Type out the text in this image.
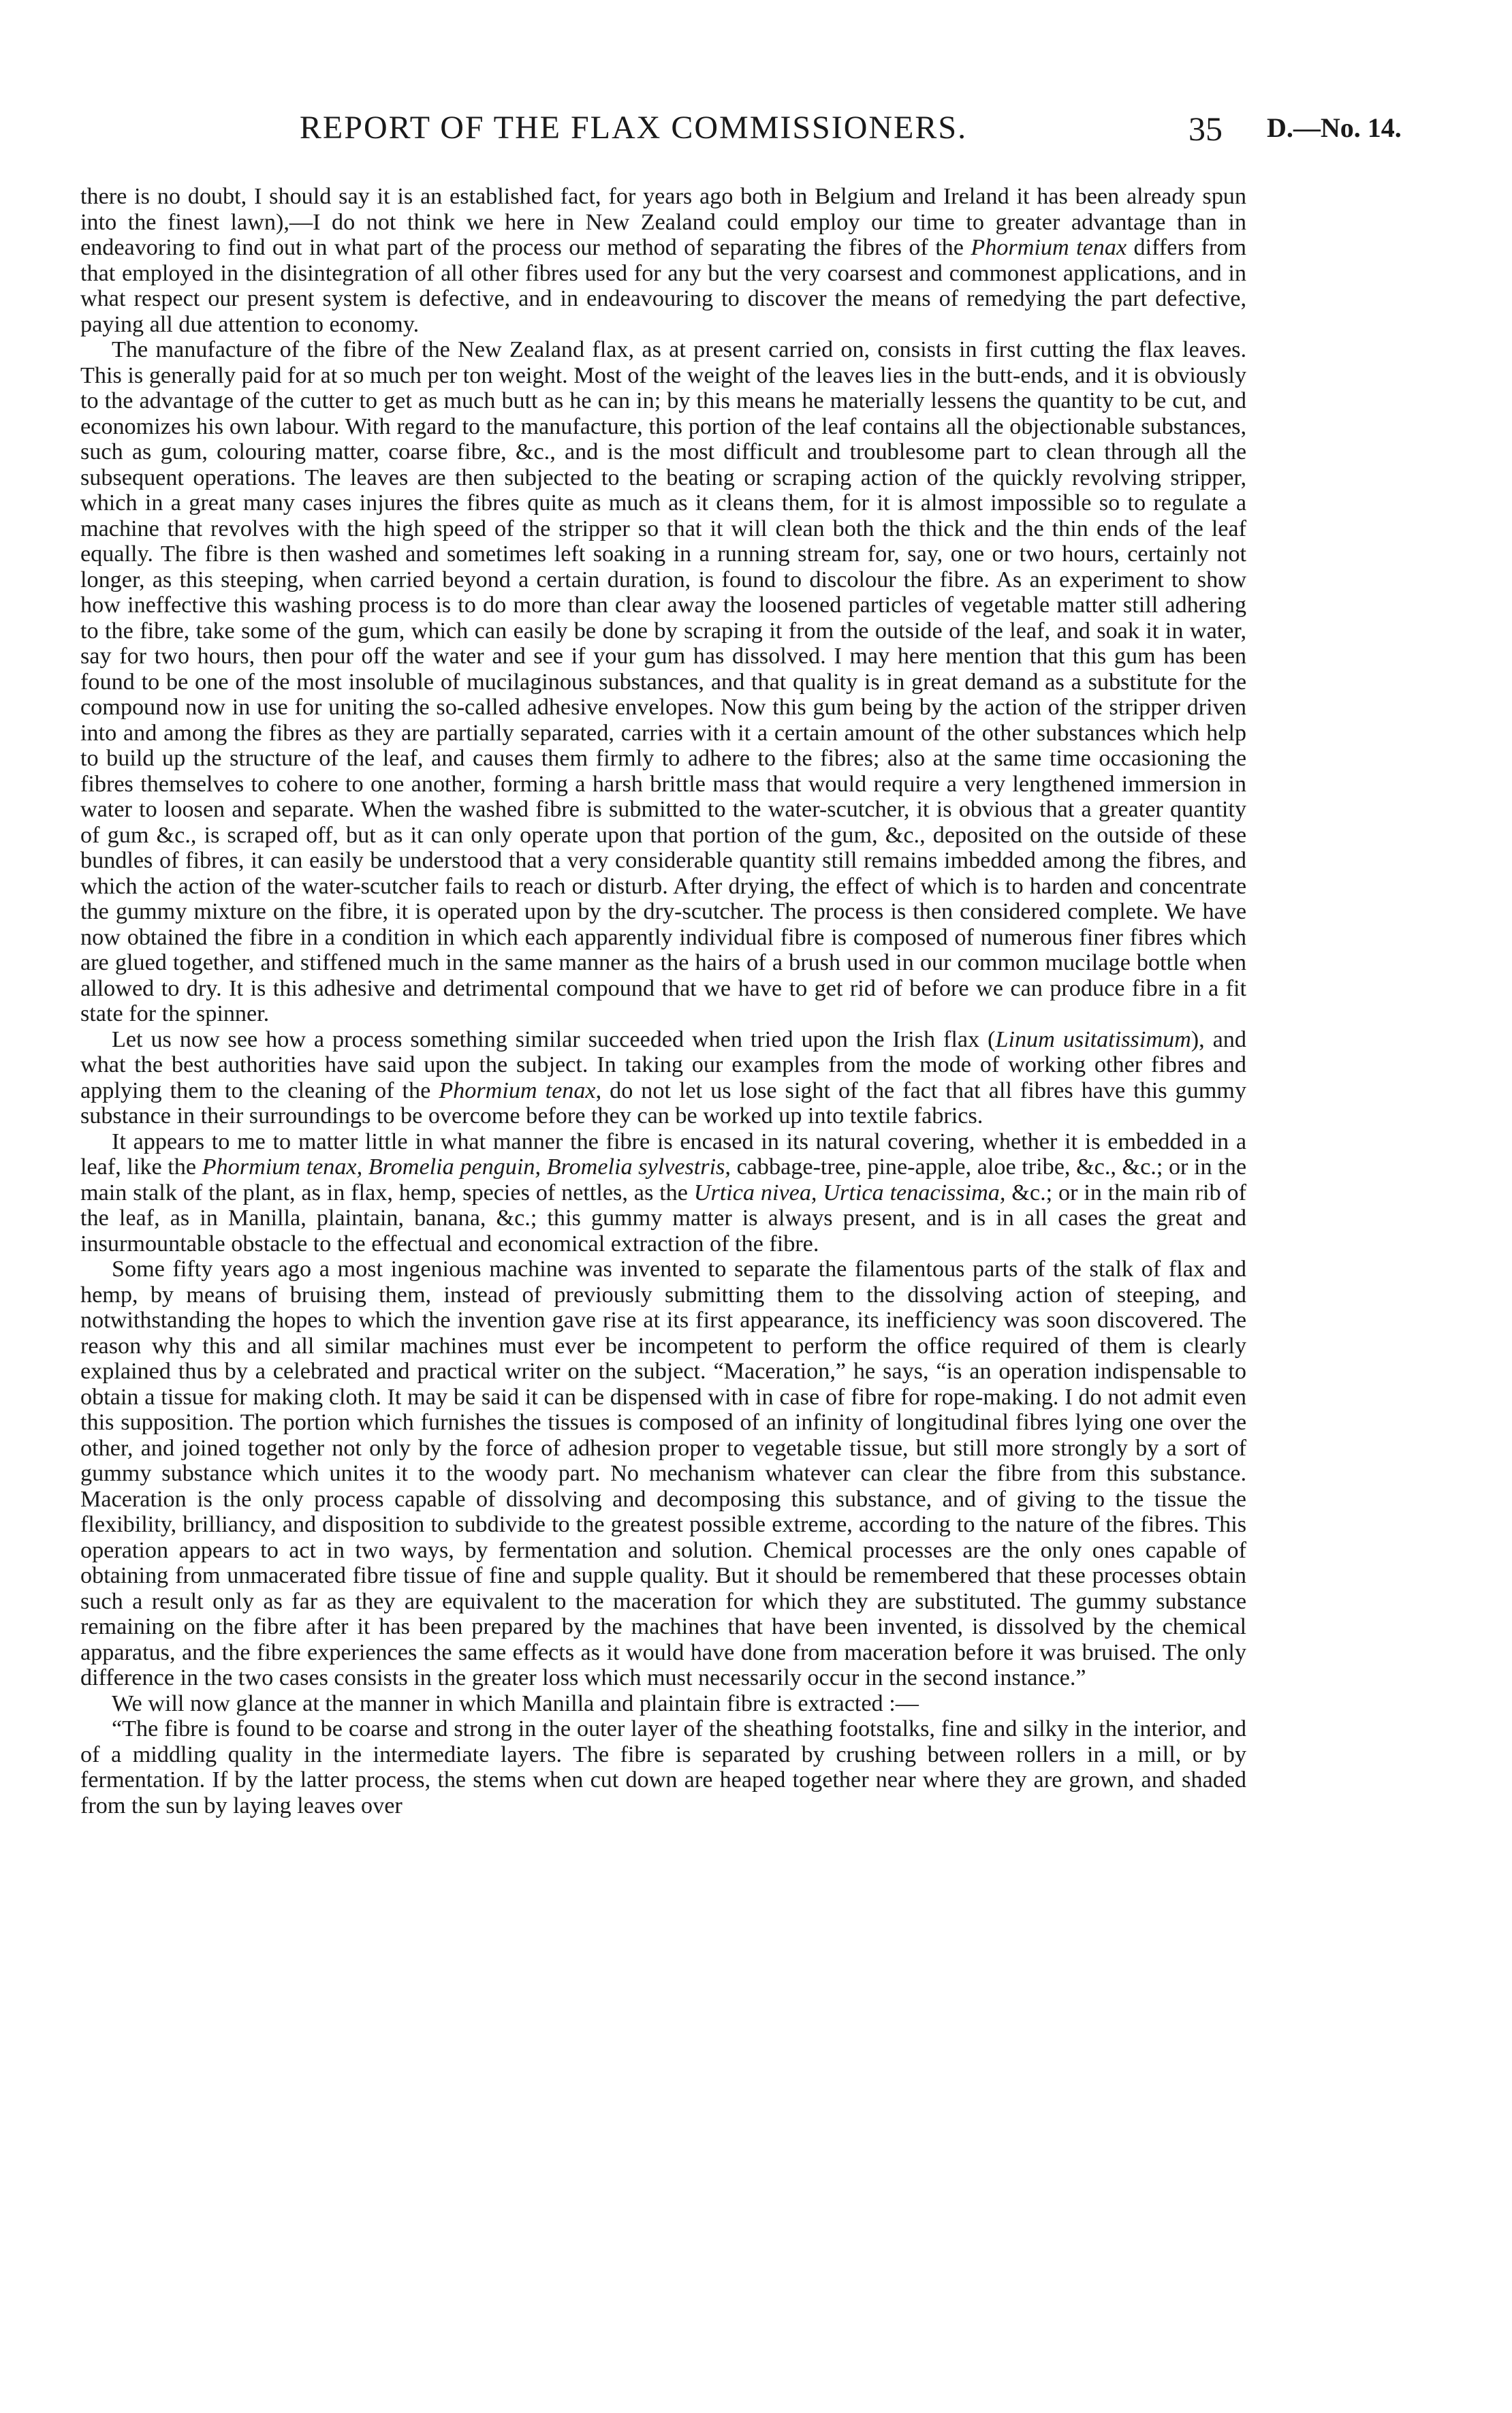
REPORT OF THE FLAX COMMISSIONERS.	35 D.—No. 14.

there is no doubt, I should say it is an established fact, for years ago both in Belgium and Ireland it has been already spun into the finest lawn),—I do not think we here in New Zealand could employ our time to greater advantage than in endeavoring to find out in what part of the process our method of separating the fibres of the Phormium tenax differs from that employed in the disintegration of all other fibres used for any but the very coarsest and commonest applications, and in what respect our present system is defective, and in endeavouring to discover the means of remedying the part defective, paying all due attention to economy.

The manufacture of the fibre of the New Zealand flax, as at present carried on, consists in first cutting the flax leaves. This is generally paid for at so much per ton weight. Most of the weight of the leaves lies in the butt-ends, and it is obviously to the advantage of the cutter to get as much butt as he can in; by this means he materially lessens the quantity to be cut, and economizes his own labour. With regard to the manufacture, this portion of the leaf contains all the objectionable substances, such as gum, colouring matter, coarse fibre, &c., and is the most difficult and troublesome part to clean through all the subsequent operations. The leaves are then subjected to the beating or scraping action of the quickly revolving stripper, which in a great many cases injures the fibres quite as much as it cleans them, for it is almost impossible so to regulate a machine that revolves with the high speed of the stripper so that it will clean both the thick and the thin ends of the leaf equally. The fibre is then washed and sometimes left soaking in a running stream for, say, one or two hours, certainly not longer, as this steeping, when carried beyond a certain duration, is found to discolour the fibre. As an experiment to show how ineffective this washing process is to do more than clear away the loosened particles of vegetable matter still adhering to the fibre, take some of the gum, which can easily be done by scraping it from the outside of the leaf, and soak it in water, say for two hours, then pour off the water and see if your gum has dissolved. I may here mention that this gum has been found to be one of the most insoluble of mucilaginous substances, and that quality is in great demand as a substitute for the compound now in use for uniting the so-called adhesive envelopes. Now this gum being by the action of the stripper driven into and among the fibres as they are partially separated, carries with it a certain amount of the other substances which help to build up the structure of the leaf, and causes them firmly to adhere to the fibres; also at the same time occasioning the fibres themselves to cohere to one another, forming a harsh brittle mass that would require a very lengthened immersion in water to loosen and separate. When the washed fibre is submitted to the water-scutcher, it is obvious that a greater quantity of gum &c., is scraped off, but as it can only operate upon that portion of the gum, &c., deposited on the outside of these bundles of fibres, it can easily be understood that a very considerable quantity still remains imbedded among the fibres, and which the action of the water-scutcher fails to reach or disturb. After drying, the effect of which is to harden and concentrate the gummy mixture on the fibre, it is operated upon by the dry-scutcher. The process is then considered complete. We have now obtained the fibre in a condition in which each apparently individual fibre is composed of numerous finer fibres which are glued together, and stiffened much in the same manner as the hairs of a brush used in our common mucilage bottle when allowed to dry. It is this adhesive and detrimental compound that we have to get rid of before we can produce fibre in a fit state for the spinner.

Let us now see how a process something similar succeeded when tried upon the Irish flax (Linum usitatissimum), and what the best authorities have said upon the subject. In taking our examples from the mode of working other fibres and applying them to the cleaning of the Phormium tenax, do not let us lose sight of the fact that all fibres have this gummy substance in their surroundings to be overcome before they can be worked up into textile fabrics.

It appears to me to matter little in what manner the fibre is encased in its natural covering, whether it is embedded in a leaf, like the Phormium tenax, Bromelia penguin, Bromelia sylvestris, cabbage-tree, pine-apple, aloe tribe, &c., &c.; or in the main stalk of the plant, as in flax, hemp, species of nettles, as the Urtica nivea, Urtica tenacissima, &c.; or in the main rib of the leaf, as in Manilla, plaintain, banana, &c.; this gummy matter is always present, and is in all cases the great and insurmountable obstacle to the effectual and economical extraction of the fibre.

Some fifty years ago a most ingenious machine was invented to separate the filamentous parts of the stalk of flax and hemp, by means of bruising them, instead of previously submitting them to the dissolving action of steeping, and notwithstanding the hopes to which the invention gave rise at its first appearance, its inefficiency was soon discovered. The reason why this and all similar machines must ever be incompetent to perform the office required of them is clearly explained thus by a celebrated and practical writer on the subject. “Maceration,” he says, “is an operation indispensable to obtain a tissue for making cloth. It may be said it can be dispensed with in case of fibre for rope-making. I do not admit even this supposition. The portion which furnishes the tissues is composed of an infinity of longitudinal fibres lying one over the other, and joined together not only by the force of adhesion proper to vegetable tissue, but still more strongly by a sort of gummy substance which unites it to the woody part. No mechanism whatever can clear the fibre from this substance. Maceration is the only process capable of dissolving and decomposing this substance, and of giving to the tissue the flexibility, brilliancy, and disposition to subdivide to the greatest possible extreme, according to the nature of the fibres. This operation appears to act in two ways, by fermentation and solution. Chemical processes are the only ones capable of obtaining from unmacerated fibre tissue of fine and supple quality. But it should be remembered that these processes obtain such a result only as far as they are equivalent to the maceration for which they are substituted. The gummy substance remaining on the fibre after it has been prepared by the machines that have been invented, is dissolved by the chemical apparatus, and the fibre experiences the same effects as it would have done from maceration before it was bruised. The only difference in the two cases consists in the greater loss which must necessarily occur in the second instance.”

We will now glance at the manner in which Manilla and plaintain fibre is extracted :—

“The fibre is found to be coarse and strong in the outer layer of the sheathing footstalks, fine and silky in the interior, and of a middling quality in the intermediate layers. The fibre is separated by crushing between rollers in a mill, or by fermentation. If by the latter process, the stems when cut down are heaped together near where they are grown, and shaded from the sun by laying leaves over
